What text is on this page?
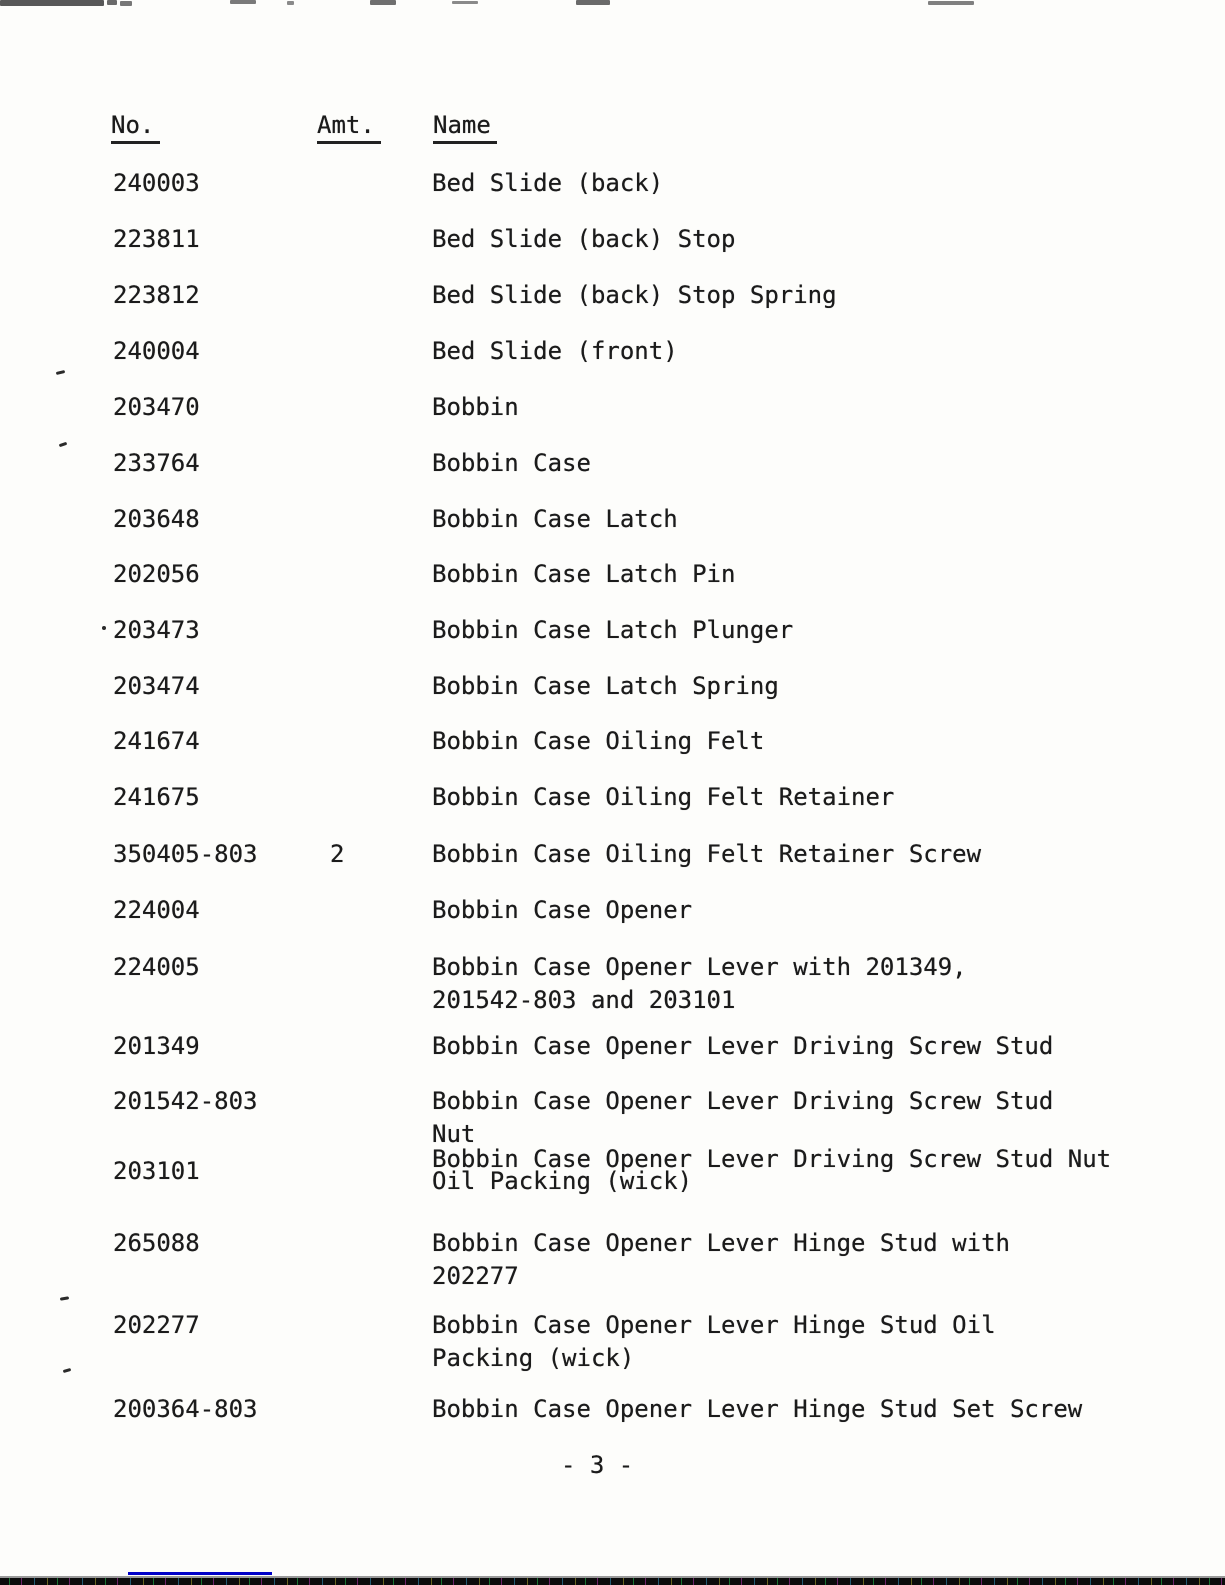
No.	Amt. Name
240003	Bed Slide (back)
223811	Bed Slide (back) Stop
223812	Bed Slide (back) Stop Spring
240004	Bed Slide (front)
203470	Bobbin
233764	Bobbin Case
203648	Bobbin Case Latch
202056	Bobbin Case Latch Pin
203473	Bobbin Case Latch Plunger
203474	Bobbin Case Latch Spring
241674	Bobbin Case Oiling Felt
241675	Bobbin Case Oiling Felt Retainer
350405-803	2	Bobbin Case Oiling Felt Retainer Screw
224004	Bobbin Case Opener
224005	Bobbin Case Opener Lever with 201349,
201542-803 and 203101
201349	Bobbin Case Opener Lever Driving Screw Stud
201542-803	Bobbin Case Opener Lever Driving Screw Stud
Nut
203101	Bobbin Case Opener Lever Driving Screw Stud Nut
Oil Packing (wick)
265088	Bobbin Case Opener Lever Hinge Stud with
202277
202277	Bobbin Case Opener Lever Hinge Stud Oil
Packing (wick)
200364-803	Bobbin Case Opener Lever Hinge Stud Set Screw
- 3 -
